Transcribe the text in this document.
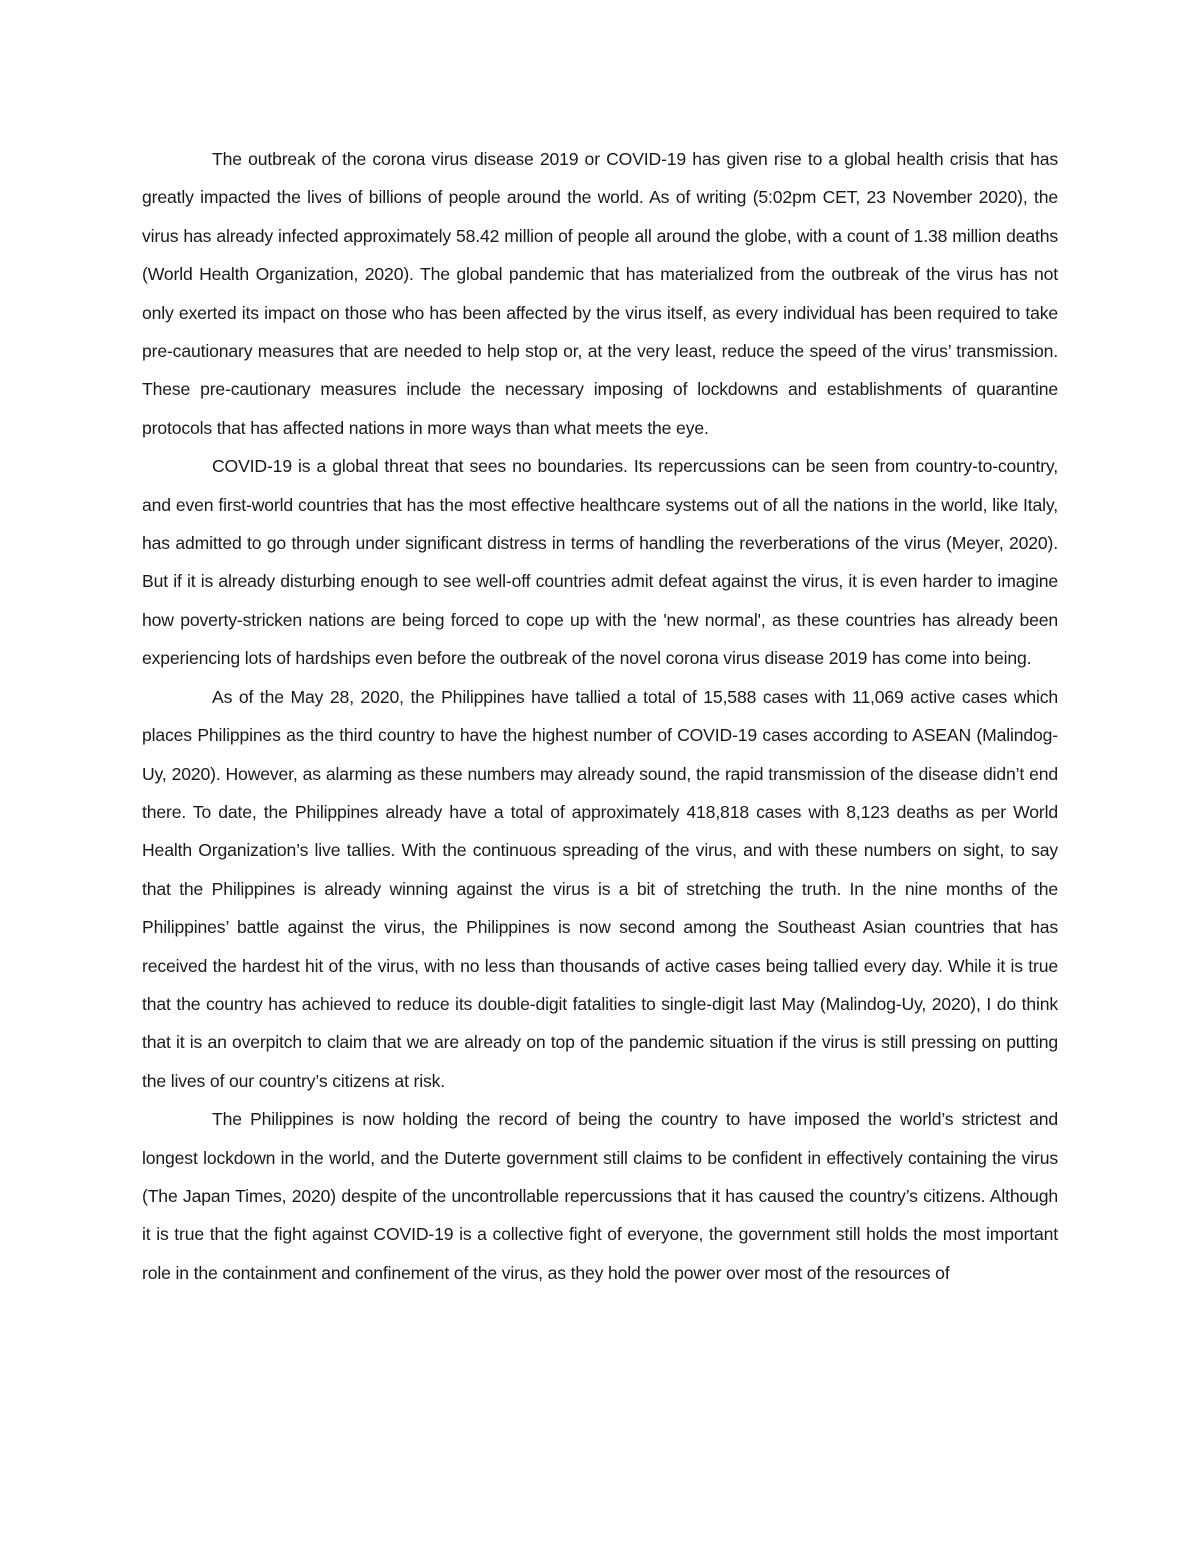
The outbreak of the corona virus disease 2019 or COVID-19 has given rise to a global health crisis that has greatly impacted the lives of billions of people around the world. As of writing (5:02pm CET, 23 November 2020), the virus has already infected approximately 58.42 million of people all around the globe, with a count of 1.38 million deaths (World Health Organization, 2020). The global pandemic that has materialized from the outbreak of the virus has not only exerted its impact on those who has been affected by the virus itself, as every individual has been required to take pre-cautionary measures that are needed to help stop or, at the very least, reduce the speed of the virus’ transmission. These pre-cautionary measures include the necessary imposing of lockdowns and establishments of quarantine protocols that has affected nations in more ways than what meets the eye.

COVID-19 is a global threat that sees no boundaries. Its repercussions can be seen from country-to-country, and even first-world countries that has the most effective healthcare systems out of all the nations in the world, like Italy, has admitted to go through under significant distress in terms of handling the reverberations of the virus (Meyer, 2020). But if it is already disturbing enough to see well-off countries admit defeat against the virus, it is even harder to imagine how poverty-stricken nations are being forced to cope up with the 'new normal', as these countries has already been experiencing lots of hardships even before the outbreak of the novel corona virus disease 2019 has come into being.

As of the May 28, 2020, the Philippines have tallied a total of 15,588 cases with 11,069 active cases which places Philippines as the third country to have the highest number of COVID-19 cases according to ASEAN (Malindog-Uy, 2020). However, as alarming as these numbers may already sound, the rapid transmission of the disease didn’t end there. To date, the Philippines already have a total of approximately 418,818 cases with 8,123 deaths as per World Health Organization’s live tallies. With the continuous spreading of the virus, and with these numbers on sight, to say that the Philippines is already winning against the virus is a bit of stretching the truth. In the nine months of the Philippines’ battle against the virus, the Philippines is now second among the Southeast Asian countries that has received the hardest hit of the virus, with no less than thousands of active cases being tallied every day. While it is true that the country has achieved to reduce its double-digit fatalities to single-digit last May (Malindog-Uy, 2020), I do think that it is an overpitch to claim that we are already on top of the pandemic situation if the virus is still pressing on putting the lives of our country’s citizens at risk.

The Philippines is now holding the record of being the country to have imposed the world’s strictest and longest lockdown in the world, and the Duterte government still claims to be confident in effectively containing the virus (The Japan Times, 2020) despite of the uncontrollable repercussions that it has caused the country’s citizens. Although it is true that the fight against COVID-19 is a collective fight of everyone, the government still holds the most important role in the containment and confinement of the virus, as they hold the power over most of the resources of
